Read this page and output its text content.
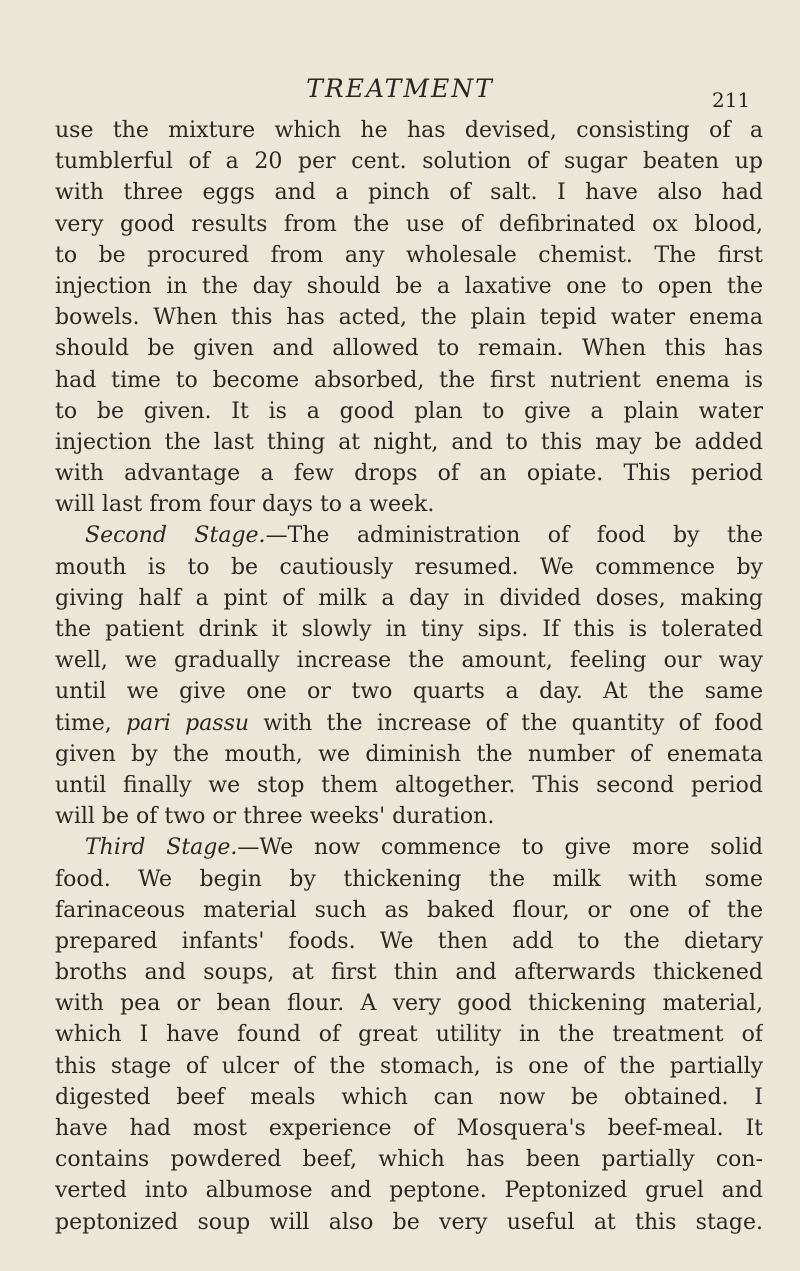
TREATMENT	211
use the mixture which he has devised, consisting of a
tumblerful of a 20 per cent. solution of sugar beaten up
with three eggs and a pinch of salt. I have also had
very good results from the use of defibrinated ox blood,
to be procured from any wholesale chemist. The first
injection in the day should be a laxative one to open the
bowels. When this has acted, the plain tepid water enema
should be given and allowed to remain. When this has
had time to become absorbed, the first nutrient enema is
to be given. It is a good plan to give a plain water
injection the last thing at night, and to this may be added
with advantage a few drops of an opiate. This period
will last from four days to a week.
Second Stage.—The administration of food by the
mouth is to be cautiously resumed. We commence by
giving half a pint of milk a day in divided doses, making
the patient drink it slowly in tiny sips. If this is tolerated
well, we gradually increase the amount, feeling our way
until we give one or two quarts a day. At the same
time, pari passu with the increase of the quantity of food
given by the mouth, we diminish the number of enemata
until finally we stop them altogether. This second period
will be of two or three weeks' duration.
Third Stage.—We now commence to give more solid
food. We begin by thickening the milk with some
farinaceous material such as baked flour, or one of the
prepared infants' foods. We then add to the dietary
broths and soups, at first thin and afterwards thickened
with pea or bean flour. A very good thickening material,
which I have found of great utility in the treatment of
this stage of ulcer of the stomach, is one of the partially
digested beef meals which can now be obtained. I
have had most experience of Mosquera's beef-meal. It
contains powdered beef, which has been partially con-
verted into albumose and peptone. Peptonized gruel and
peptonized soup will also be very useful at this stage.
